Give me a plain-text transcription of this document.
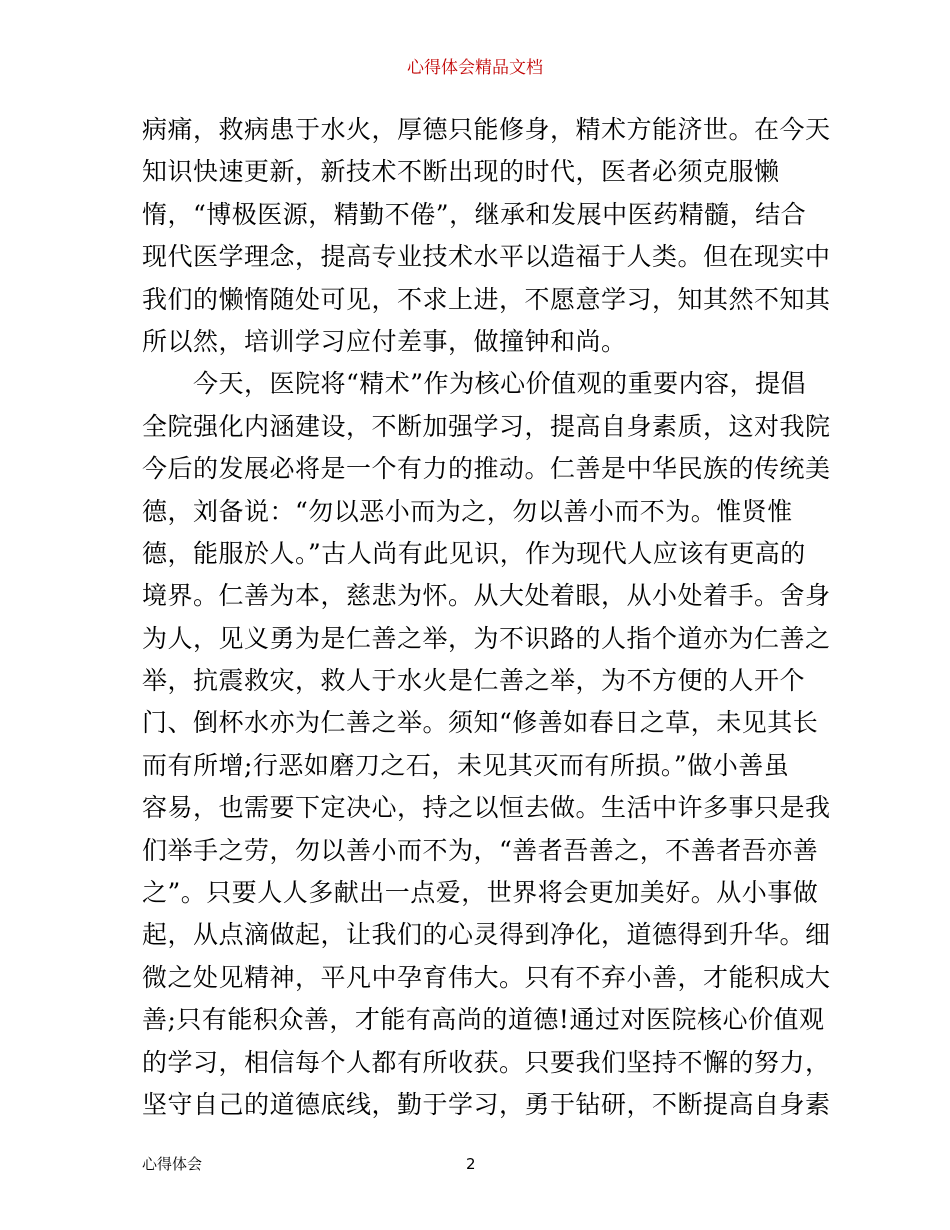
心得体会精品文档
病痛，救病患于水火，厚德只能修身，精术方能济世。在今天
知识快速更新，新技术不断出现的时代，医者必须克服懒
惰，“博极医源，精勤不倦”，继承和发展中医药精髓，结合
现代医学理念，提高专业技术水平以造福于人类。但在现实中
我们的懒惰随处可见，不求上进，不愿意学习，知其然不知其
所以然，培训学习应付差事，做撞钟和尚。
　　今天，医院将“精术”作为核心价值观的重要内容，提倡
全院强化内涵建设，不断加强学习，提高自身素质，这对我院
今后的发展必将是一个有力的推动。仁善是中华民族的传统美
德，刘备说：“勿以恶小而为之，勿以善小而不为。惟贤惟
德，能服於人。”古人尚有此见识，作为现代人应该有更高的
境界。仁善为本，慈悲为怀。从大处着眼，从小处着手。舍身
为人，见义勇为是仁善之举，为不识路的人指个道亦为仁善之
举，抗震救灾，救人于水火是仁善之举，为不方便的人开个
门、倒杯水亦为仁善之举。须知“修善如春日之草，未见其长
而有所增;行恶如磨刀之石，未见其灭而有所损。”做小善虽
容易，也需要下定决心，持之以恒去做。生活中许多事只是我
们举手之劳，勿以善小而不为，“善者吾善之，不善者吾亦善
之”。只要人人多献出一点爱，世界将会更加美好。从小事做
起，从点滴做起，让我们的心灵得到净化，道德得到升华。细
微之处见精神，平凡中孕育伟大。只有不弃小善，才能积成大
善;只有能积众善，才能有高尚的道德!通过对医院核心价值观
的学习，相信每个人都有所收获。只要我们坚持不懈的努力，
坚守自己的道德底线，勤于学习，勇于钻研，不断提高自身素
心得体会	2
